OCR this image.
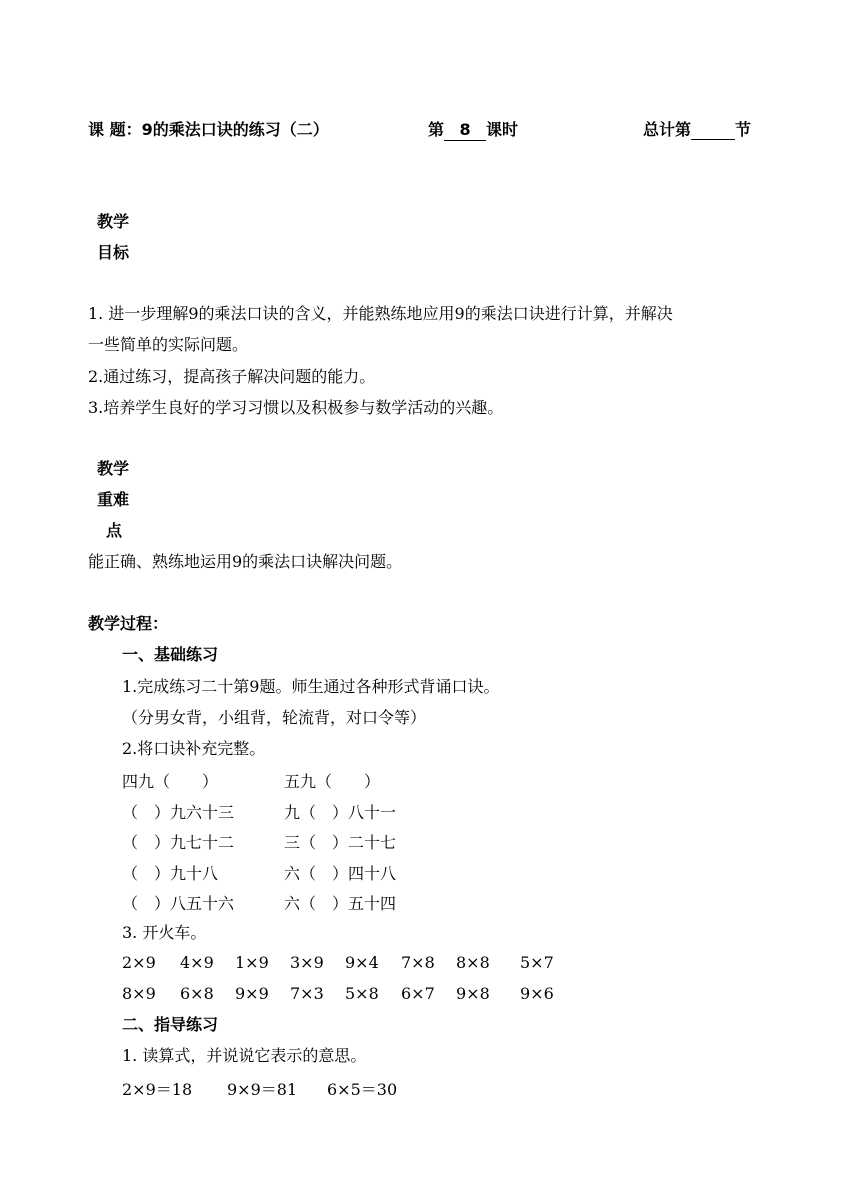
课 题：9的乘法口诀的练习（二）	第 8 课时	总计第	节
教学
目标
1. 进一步理解9的乘法口诀的含义，并能熟练地应用9的乘法口诀进行计算，并解决
一些简单的实际问题。
2.通过练习，提高孩子解决问题的能力。
3.培养学生良好的学习习惯以及积极参与数学活动的兴趣。
教学
重难
点
能正确、熟练地运用9的乘法口诀解决问题。
教学过程：
一、基础练习
1.完成练习二十第9题。师生通过各种形式背诵口诀。
（分男女背，小组背，轮流背，对口令等）
2.将口诀补充完整。
四九（　　）	五九（　　）
（　）九六十三	九（　）八十一
（　）九七十二	三（　）二十七
（　）九十八	六（　）四十八
（　）八五十六	六（　）五十四
3. 开火车。
2×9 4×9 1×9 3×9 9×4 7×8 8×8 5×7
8×9 6×8 9×9 7×3 5×8 6×7 9×8 9×6
二、指导练习
1. 读算式，并说说它表示的意思。
2×9＝18 9×9＝81 6×5＝30
